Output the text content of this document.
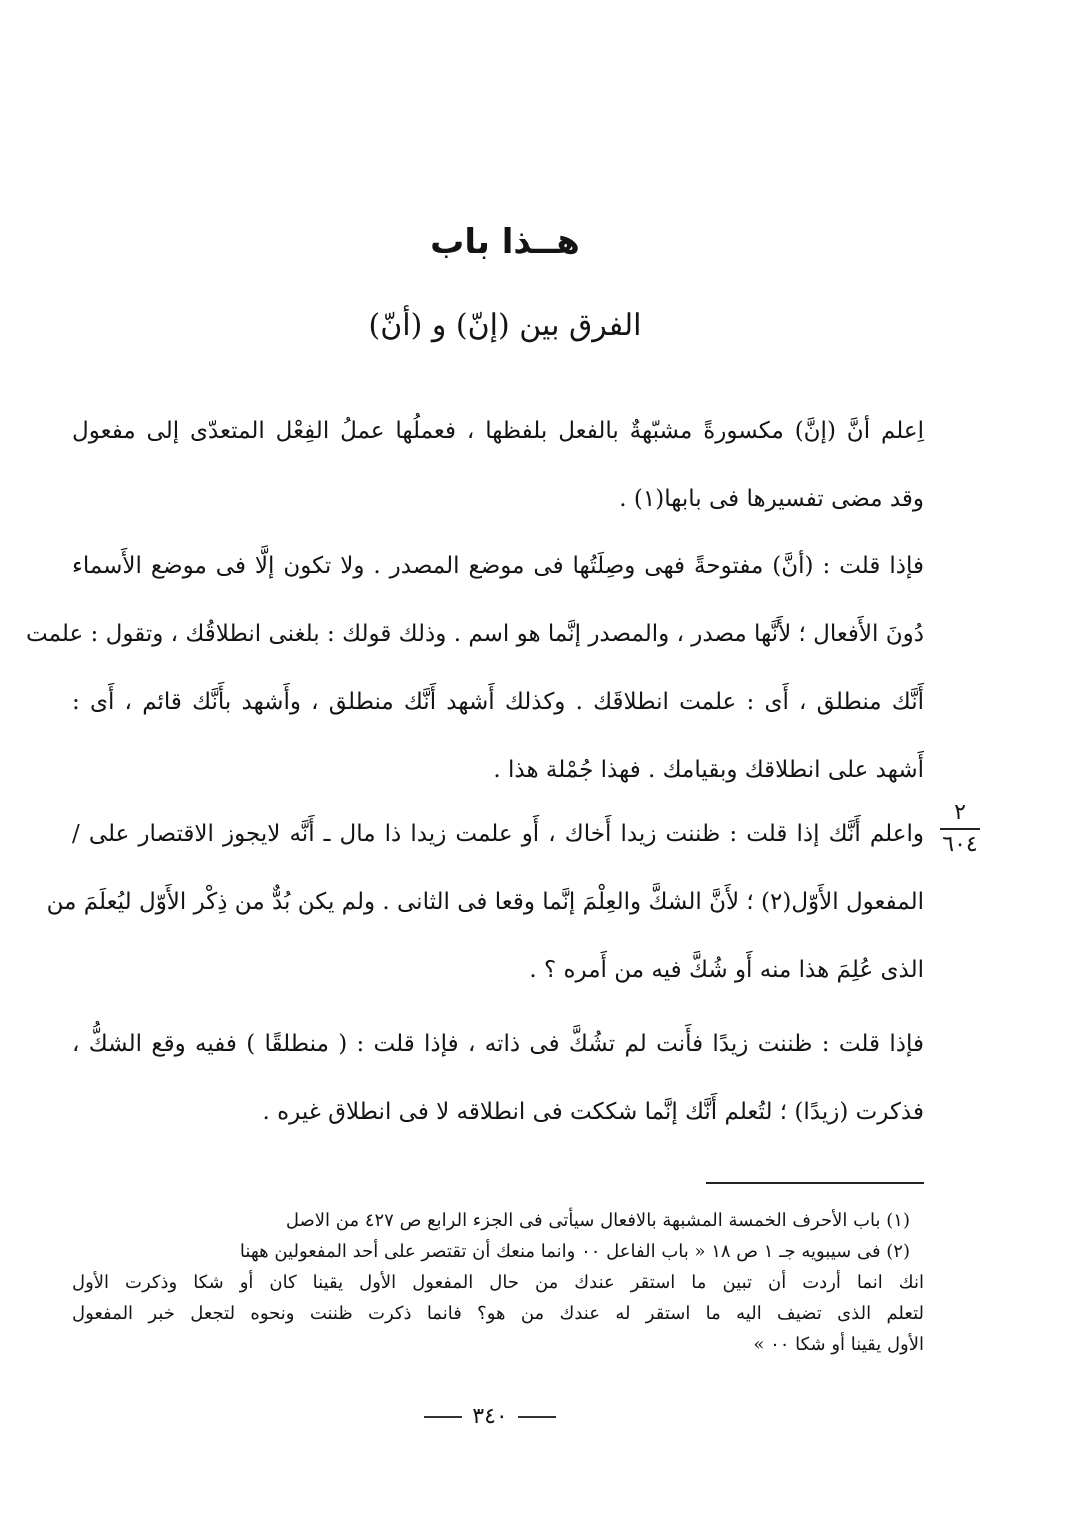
هــذا باب
الفرق بين (إنّ) و (أنّ)
اِعلم أنَّ (إنَّ) مكسورةً مشبّهةٌ بالفعل بلفظها ، فعملُها عملُ الفِعْل المتعدّى إلى مفعول
وقد مضى تفسيرها فى بابها(١) .
فإذا قلت : (أنَّ) مفتوحةً فهى وصِلَتُها فى موضع المصدر . ولا تكون إلَّا فى موضع الأَسماء
دُونَ الأَفعال ؛ لأَنَّها مصدر ، والمصدر إنَّما هو اسم . وذلك قولك : بلغنى انطلاقُك ، وتقول : علمت
أَنَّك منطلق ، أَى : علمت انطلاقَك . وكذلك أَشهد أَنَّك منطلق ، وأَشهد بأَنَّك قائم ، أَى :
أَشهد على انطلاقك وبقيامك . فهذا جُمْلة هذا .
واعلم أَنَّك إذا قلت : ظننت زيدا أَخاك ، أَو علمت زيدا ذا مال ـ أَنَّه لايجوز الاقتصار على /
المفعول الأَوّل(٢) ؛ لأَنَّ الشكَّ والعِلْمَ إنَّما وقعا فى الثانى . ولم يكن بُدٌّ من ذِكْر الأَوّل ليُعلَمَ من
الذى عُلِمَ هذا منه أَو شُكَّ فيه من أَمره ؟ .
فإذا قلت : ظننت زيدًا فأَنت لم تشُكَّ فى ذاته ، فإذا قلت : ( منطلقًا ) ففيه وقع الشكُّ ،
فذكرت (زيدًا) ؛ لتُعلم أَنَّك إنَّما شككت فى انطلاقه لا فى انطلاق غيره .
٢
٦٠٤
(١) باب الأحرف الخمسة المشبهة بالافعال سيأتى فى الجزء الرابع ص ٤٢٧ من الاصل
(٢) فى سيبويه جـ ١ ص ١٨ « باب الفاعل ٠٠ وانما منعك أن تقتصر على أحد المفعولين ههنا
انك انما أردت أن تبين ما استقر عندك من حال المفعول الأول يقينا كان أو شكا وذكرت الأول
لتعلم الذى تضيف اليه ما استقر له عندك من هو؟ فانما ذكرت ظننت ونحوه لتجعل خبر المفعول
الأول يقينا أو شكا ٠٠ »
٣٤٠
